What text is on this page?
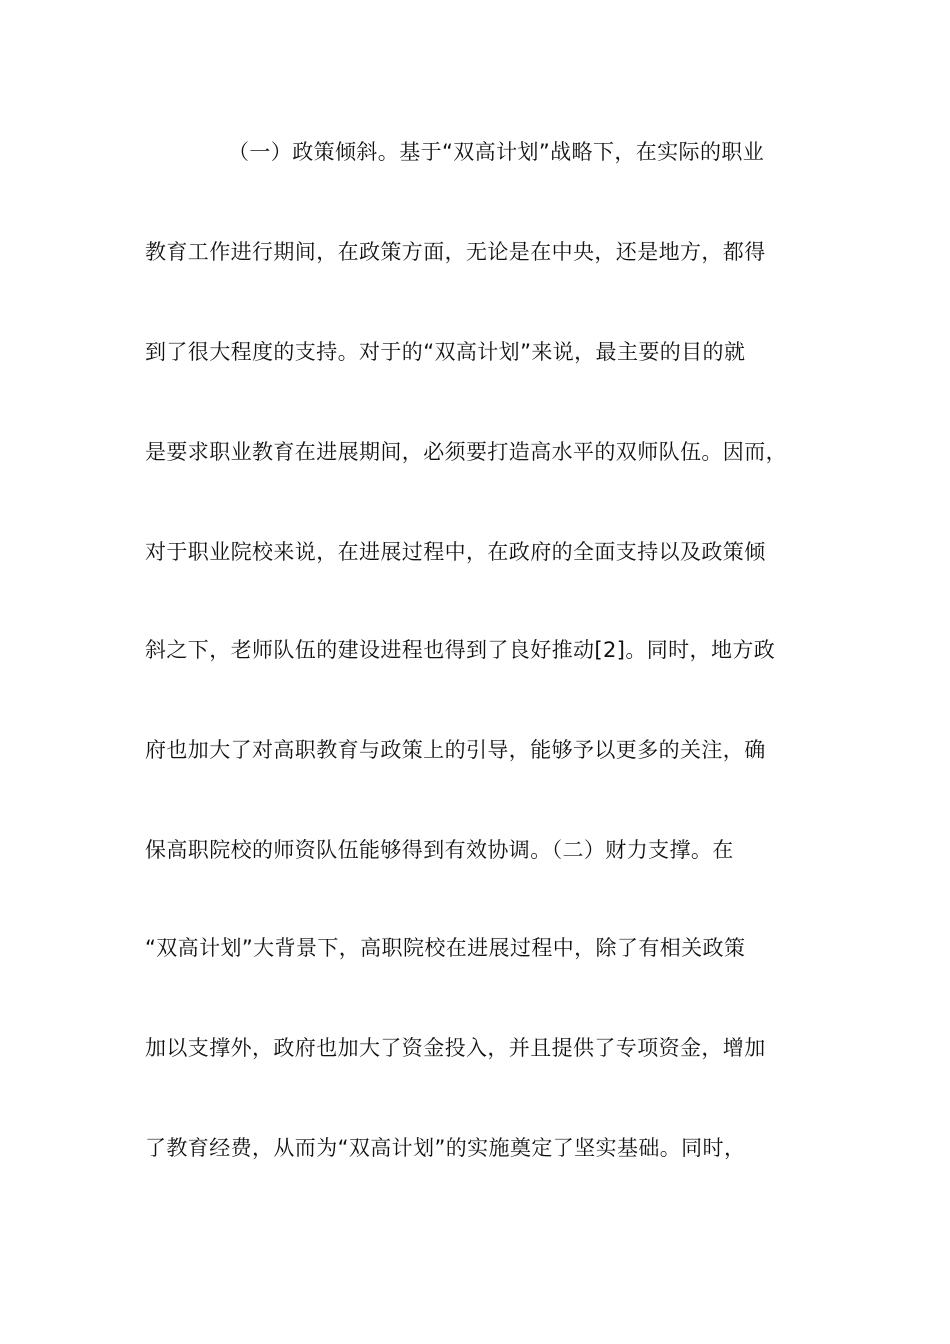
（一）政策倾斜。基于“双高计划”战略下，在实际的职业
教育工作进行期间，在政策方面，无论是在中央，还是地方，都得
到了很大程度的支持。对于的“双高计划”来说，最主要的目的就
是要求职业教育在进展期间，必须要打造高水平的双师队伍。因而，
对于职业院校来说，在进展过程中，在政府的全面支持以及政策倾
斜之下，老师队伍的建设进程也得到了良好推动[2]。同时，地方政
府也加大了对高职教育与政策上的引导，能够予以更多的关注，确
保高职院校的师资队伍能够得到有效协调。（二）财力支撑。在
“双高计划”大背景下，高职院校在进展过程中，除了有相关政策
加以支撑外，政府也加大了资金投入，并且提供了专项资金，增加
了教育经费，从而为“双高计划”的实施奠定了坚实基础。同时，
